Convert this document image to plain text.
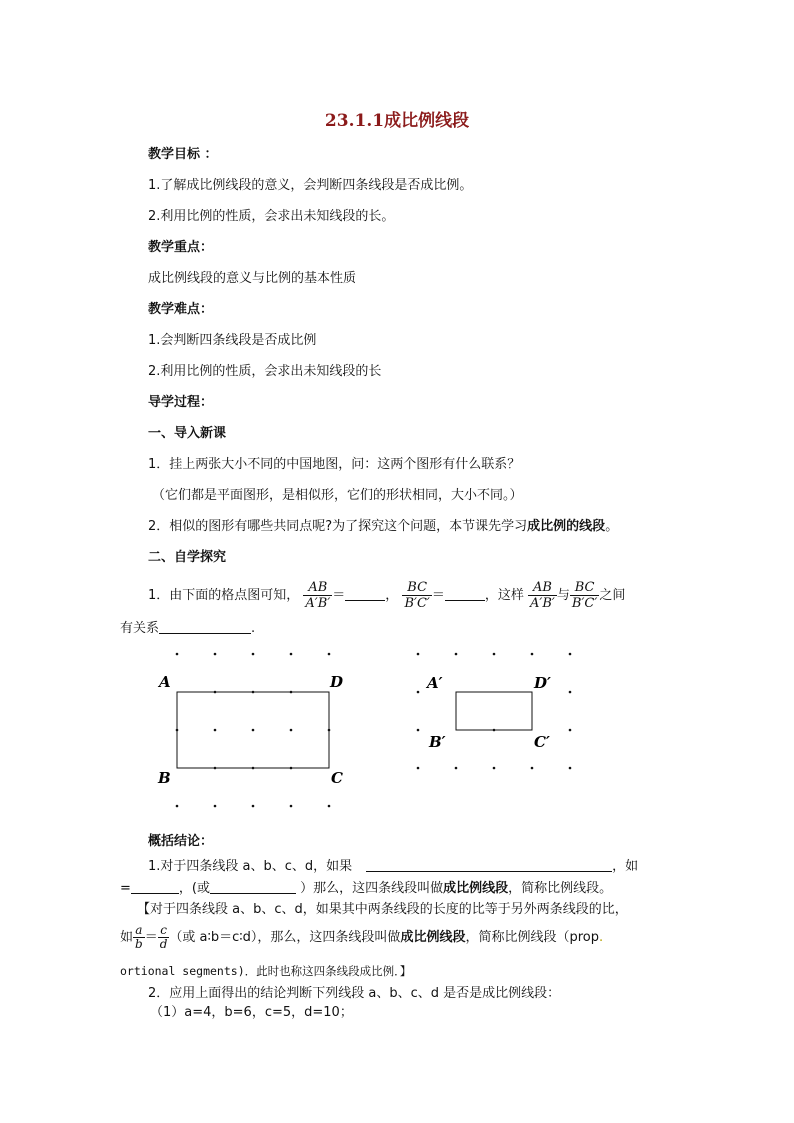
23.1.1成比例线段
教学目标 ：
1.了解成比例线段的意义，会判断四条线段是否成比例。
2.利用比例的性质，会求出未知线段的长。
教学重点：
成比例线段的意义与比例的基本性质
教学难点：
1.会判断四条线段是否成比例
2.利用比例的性质，会求出未知线段的长
导学过程：
一、导入新课
1．挂上两张大小不同的中国地图，问：这两个图形有什么联系？
（它们都是平面图形，是相似形，它们的形状相同，大小不同。）
2．相似的图形有哪些共同点呢?为了探究这个问题，本节课先学习成比例的线段。
二、自学探究
1．由下面的格点图可知， $\frac{AB}{A'B'}$ ＝	， $\frac{BC}{B'C'}$ ＝	，这样 $\frac{AB}{A'B'}$ 与 $\frac{BC}{B'C'}$ 之间
有关系	.
A	D
B	C
A′	D′
B′	C′
概括结论：
1.对于四条线段 a、b、c、d，如果	，如
=	，(或	）那么，这四条线段叫做成比例线段，简称比例线段。
【对于四条线段 a、b、c、d，如果其中两条线段的长度的比等于另外两条线段的比，
如 $\frac{a}{b} = \frac{c}{d}$ （或 a∶b＝c∶d），那么，这四条线段叫做成比例线段，简称比例线段（prop.
ortional segments)．此时也称这四条线段成比例．】
2．应用上面得出的结论判断下列线段 a、b、c、d 是否是成比例线段：
（1）a=4，b=6，c=5，d=10；
